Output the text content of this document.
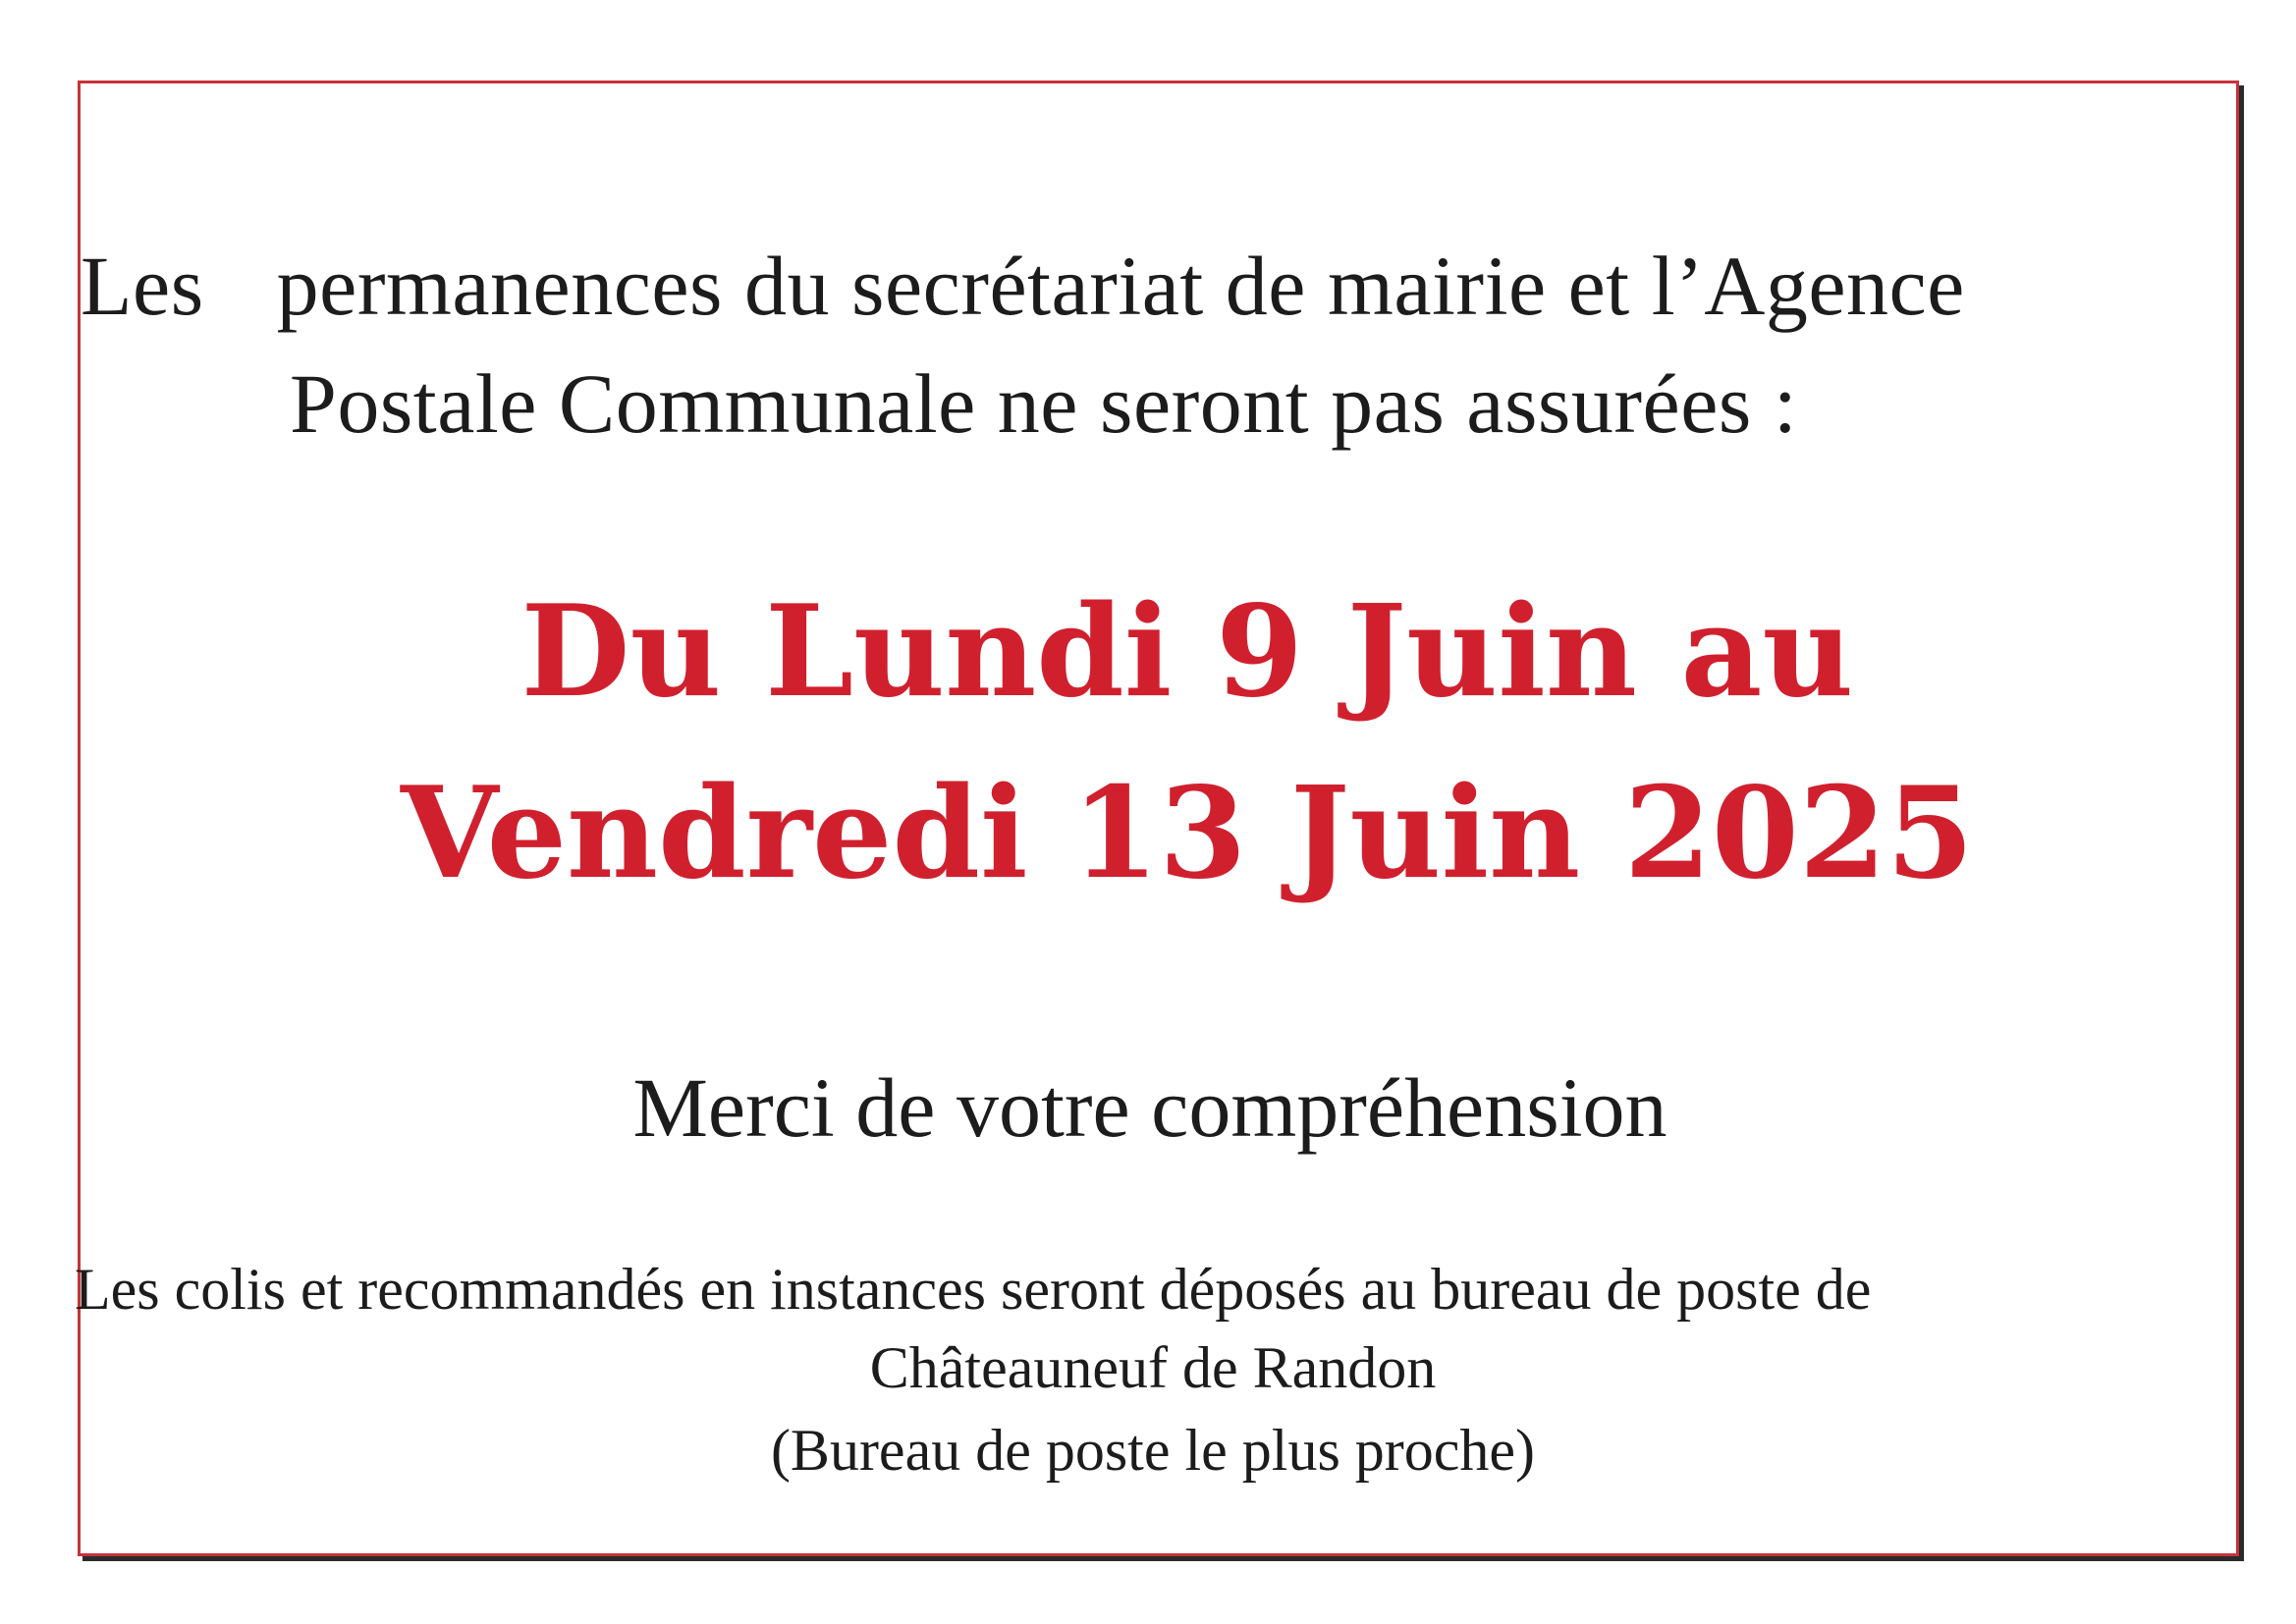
Les permanences du secrétariat de mairie et l’Agence

Postale Communale ne seront pas assurées :

Du Lundi 9 Juin au

Vendredi 13 Juin 2025

Merci de votre compréhension

Les colis et recommandés en instances seront déposés au bureau de poste de

Châteauneuf de Randon

(Bureau de poste le plus proche)
